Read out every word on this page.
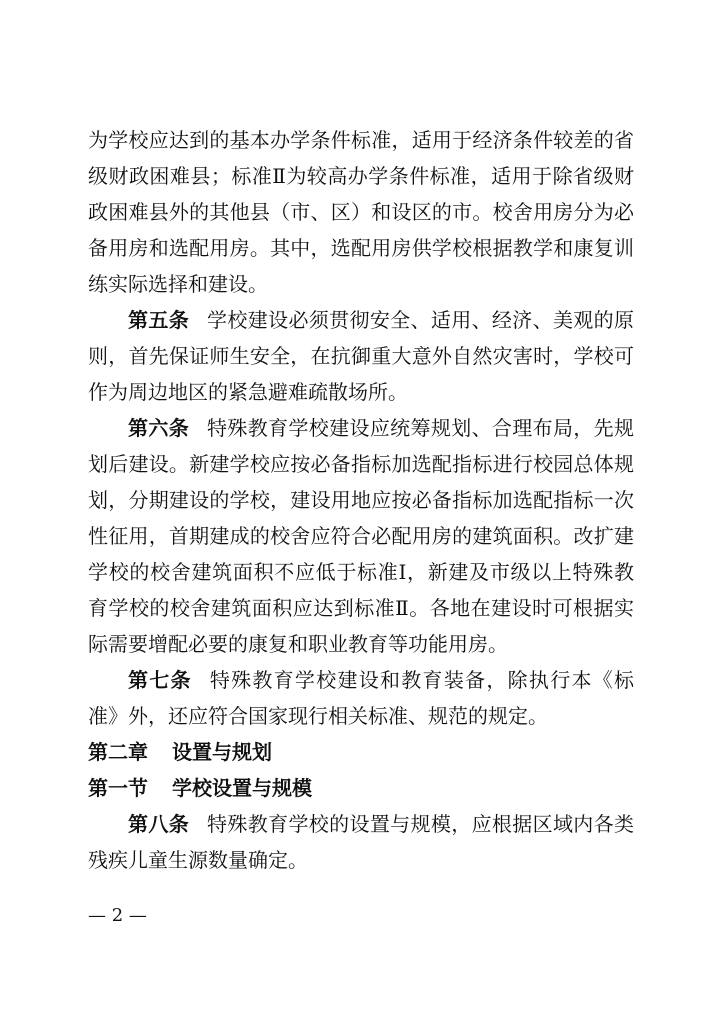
为学校应达到的基本办学条件标准，适用于经济条件较差的省级财政困难县；标准Ⅱ为较高办学条件标准，适用于除省级财政困难县外的其他县（市、区）和设区的市。校舍用房分为必备用房和选配用房。其中，选配用房供学校根据教学和康复训练实际选择和建设。

第五条 学校建设必须贯彻安全、适用、经济、美观的原则，首先保证师生安全，在抗御重大意外自然灾害时，学校可作为周边地区的紧急避难疏散场所。

第六条 特殊教育学校建设应统筹规划、合理布局，先规划后建设。新建学校应按必备指标加选配指标进行校园总体规划，分期建设的学校，建设用地应按必备指标加选配指标一次性征用，首期建成的校舍应符合必配用房的建筑面积。改扩建学校的校舍建筑面积不应低于标准Ⅰ，新建及市级以上特殊教育学校的校舍建筑面积应达到标准Ⅱ。各地在建设时可根据实际需要增配必要的康复和职业教育等功能用房。

第七条 特殊教育学校建设和教育装备，除执行本《标准》外，还应符合国家现行相关标准、规范的规定。

第二章 设置与规划

第一节 学校设置与规模

第八条 特殊教育学校的设置与规模，应根据区域内各类残疾儿童生源数量确定。

— 2 —
